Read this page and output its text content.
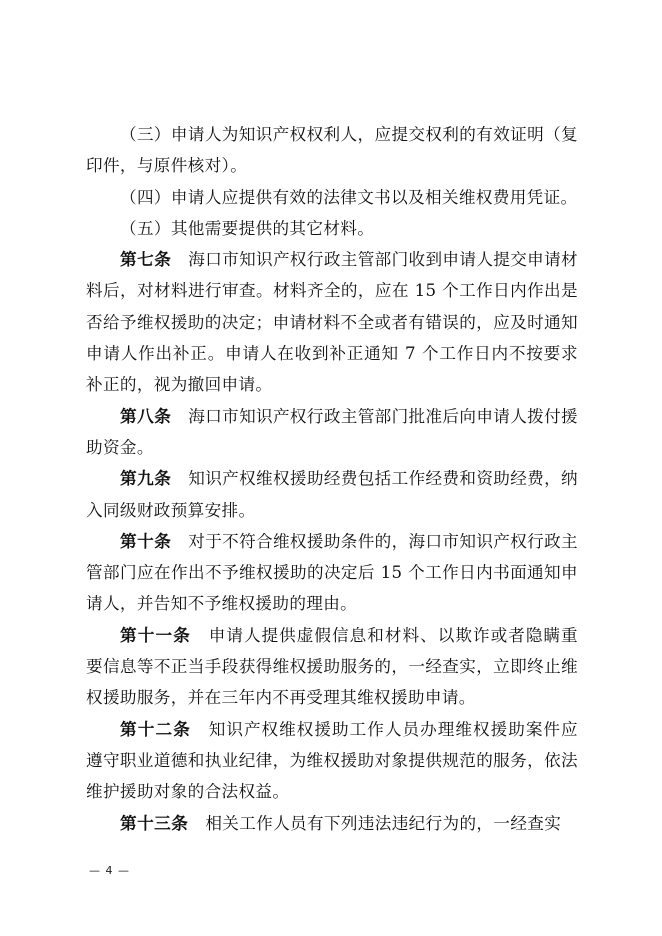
（三）申请人为知识产权权利人，应提交权利的有效证明（复印件，与原件核对）。

（四）申请人应提供有效的法律文书以及相关维权费用凭证。

（五）其他需要提供的其它材料。

第七条  海口市知识产权行政主管部门收到申请人提交申请材料后，对材料进行审查。材料齐全的，应在 15 个工作日内作出是否给予维权援助的决定；申请材料不全或者有错误的，应及时通知申请人作出补正。申请人在收到补正通知 7 个工作日内不按要求补正的，视为撤回申请。

第八条  海口市知识产权行政主管部门批准后向申请人拨付援助资金。

第九条  知识产权维权援助经费包括工作经费和资助经费，纳入同级财政预算安排。

第十条  对于不符合维权援助条件的，海口市知识产权行政主管部门应在作出不予维权援助的决定后 15 个工作日内书面通知申请人，并告知不予维权援助的理由。

第十一条  申请人提供虚假信息和材料、以欺诈或者隐瞒重要信息等不正当手段获得维权援助服务的，一经查实，立即终止维权援助服务，并在三年内不再受理其维权援助申请。

第十二条  知识产权维权援助工作人员办理维权援助案件应遵守职业道德和执业纪律，为维权援助对象提供规范的服务，依法维护援助对象的合法权益。

第十三条  相关工作人员有下列违法违纪行为的，一经查实

— 4 —
